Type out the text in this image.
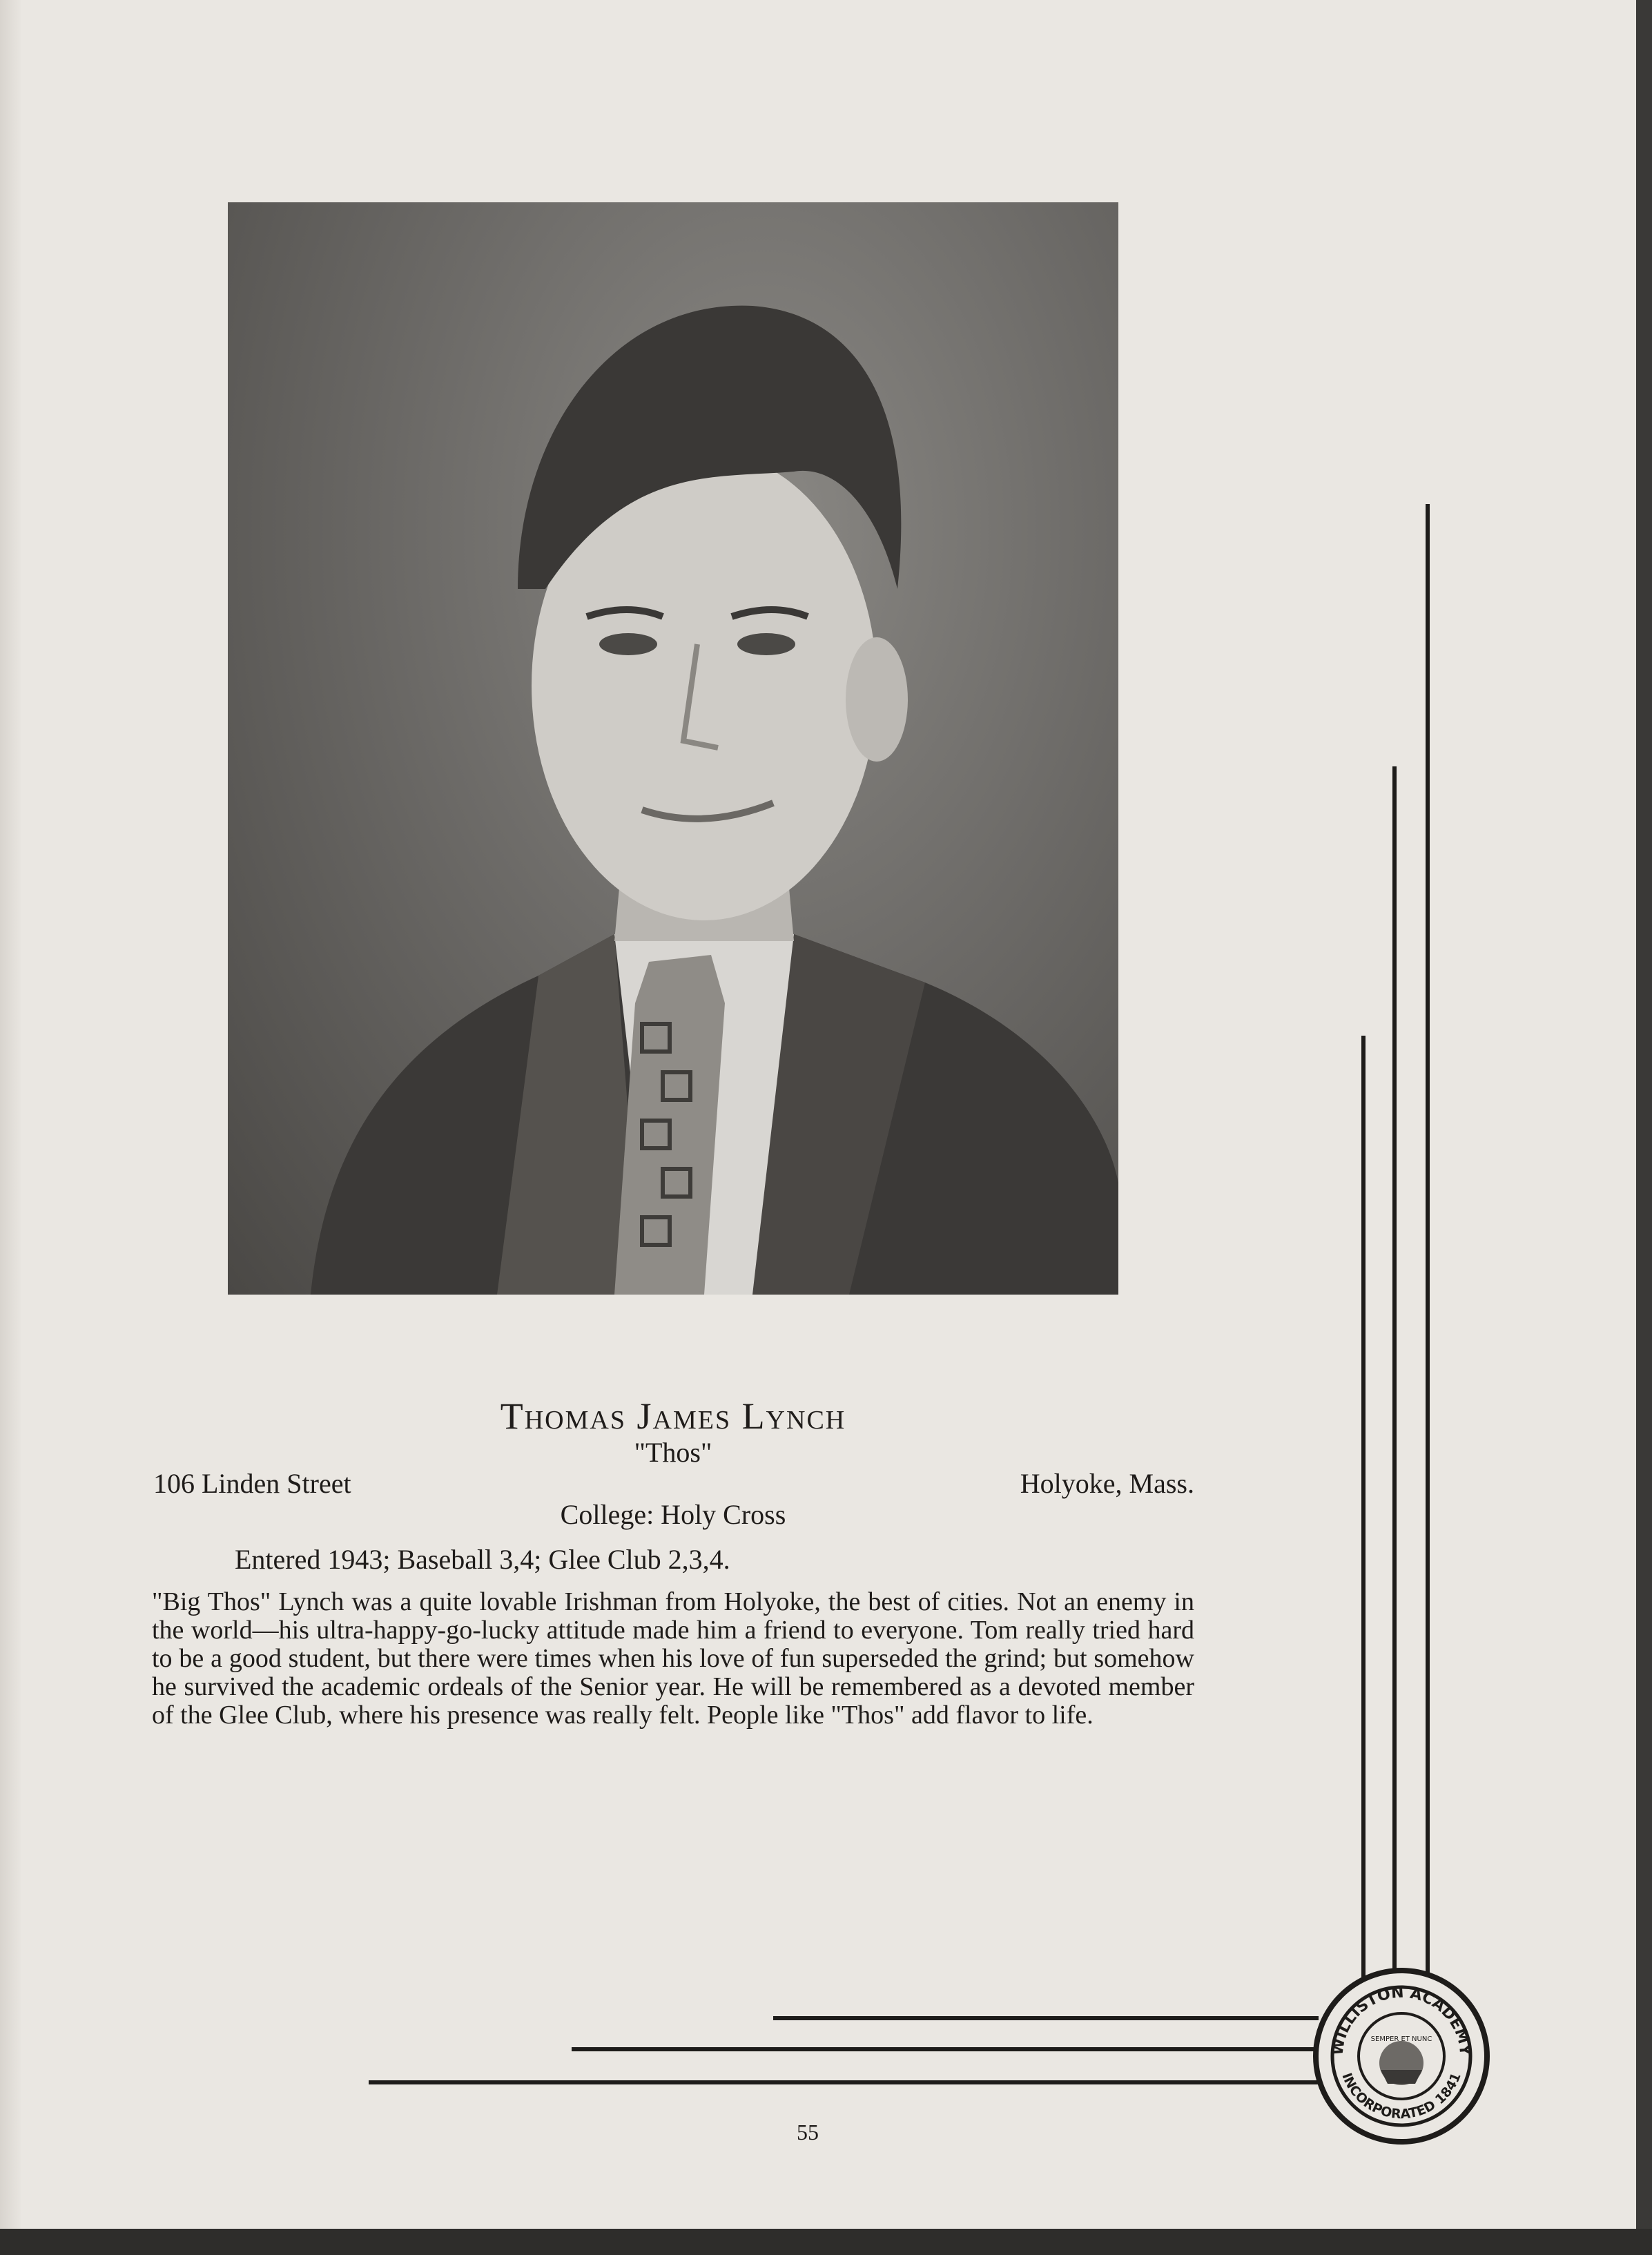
Thomas James Lynch
"Thos"
106 Linden Street	Holyoke, Mass.
College: Holy Cross
Entered 1943; Baseball 3,4; Glee Club 2,3,4.
"Big Thos" Lynch was a quite lovable Irishman from Holyoke, the best of cities. Not an enemy in the world—his ultra-happy-go-lucky attitude made him a friend to everyone. Tom really tried hard to be a good student, but there were times when his love of fun superseded the grind; but somehow he survived the academic ordeals of the Senior year. He will be remembered as a devoted member of the Glee Club, where his presence was really felt. People like "Thos" add flavor to life.
WILLISTON ACADEMY
INCORPORATED 1841
SEMPER ET NUNC
55
